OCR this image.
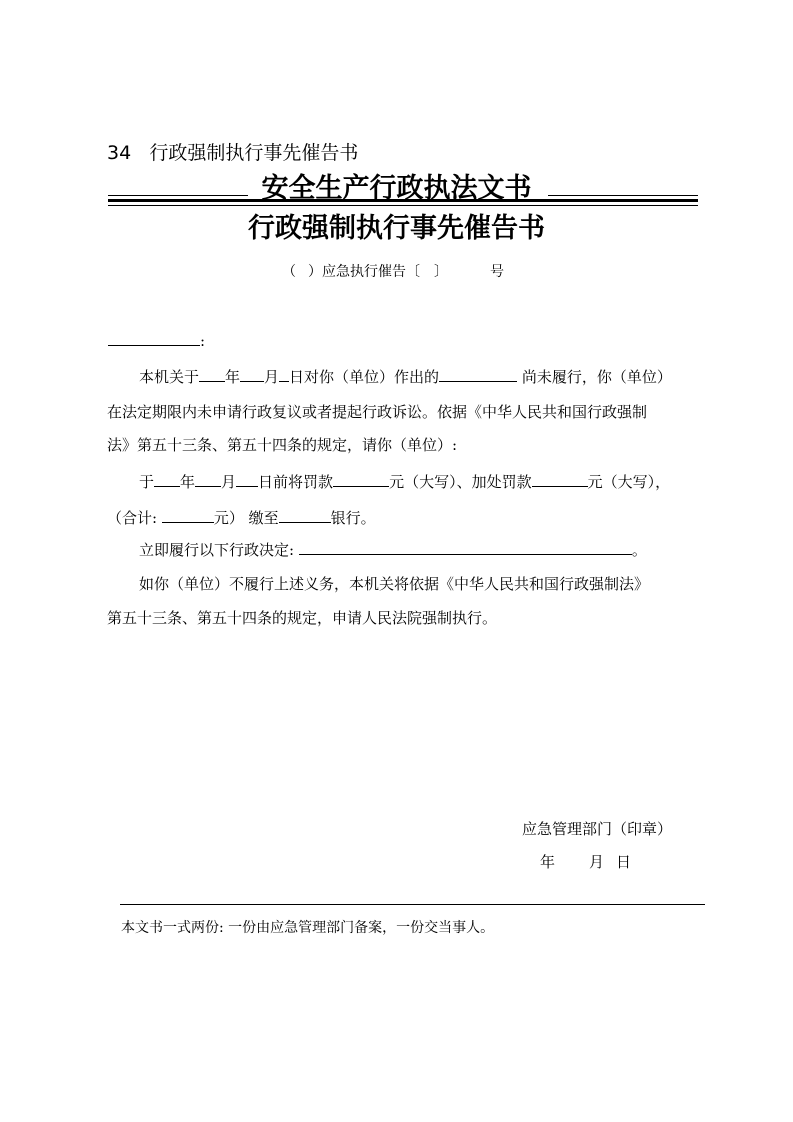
34 行政强制执行事先催告书
安全生产行政执法文书
行政强制执行事先催告书
（ ）应急执行催告〔 〕	号
:
本机关于 年 月 日对你（单位）作出的	尚未履行，你（单位）
在法定期限内未申请行政复议或者提起行政诉讼。依据《中华人民共和国行政强制
法》第五十三条、第五十四条的规定，请你（单位）:
于 年 月 日前将罚款	元（大写）、加处罚款	元（大写），
（合计:	元） 缴至	银行。
立即履行以下行政决定:	。
如你（单位）不履行上述义务，本机关将依据《中华人民共和国行政强制法》
第五十三条、第五十四条的规定，申请人民法院强制执行。
应急管理部门（印章）
年 月 日
本文书一式两份: 一份由应急管理部门备案，一份交当事人。
